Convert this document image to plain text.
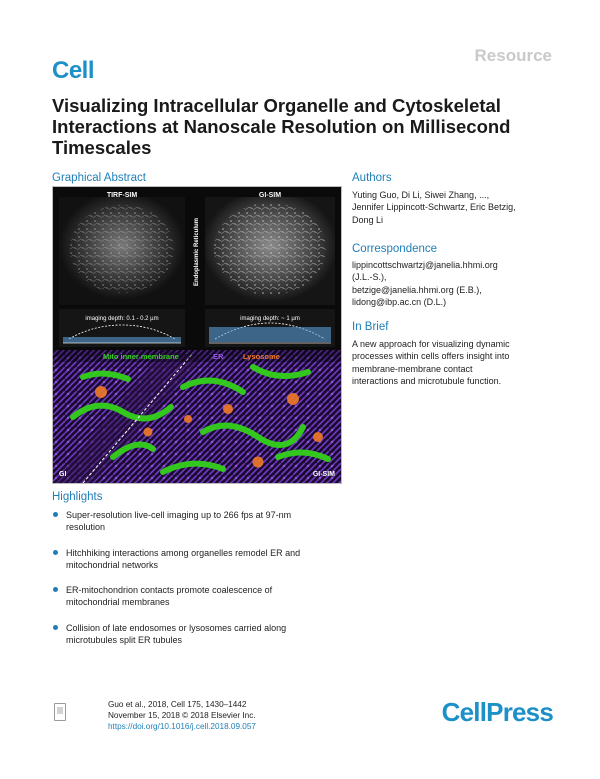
Resource
Cell
Visualizing Intracellular Organelle and Cytoskeletal Interactions at Nanoscale Resolution on Millisecond Timescales
Graphical Abstract
TIRF-SIM	GI-SIM
Endoplasmic Reticulum
imaging depth: 0.1 - 0.2 µm	imaging depth: ~ 1 µm
Mito inner membrane	ER	Lysosome
GI	GI-SIM
Authors
Yuting Guo, Di Li, Siwei Zhang, ...,
Jennifer Lippincott-Schwartz, Eric Betzig,
Dong Li
Correspondence
lippincottschwartzj@janelia.hhmi.org
(J.L.-S.),
betzige@janelia.hhmi.org (E.B.),
lidong@ibp.ac.cn (D.L.)
In Brief
A new approach for visualizing dynamic
processes within cells offers insight into
membrane-membrane contact
interactions and microtubule function.
Highlights
Super-resolution live-cell imaging up to 266 fps at 97-nm
resolution
Hitchhiking interactions among organelles remodel ER and
mitochondrial networks
ER-mitochondrion contacts promote coalescence of
mitochondrial membranes
Collision of late endosomes or lysosomes carried along
microtubules split ER tubules
Guo et al., 2018, Cell 175, 1430–1442
November 15, 2018 © 2018 Elsevier Inc.
https://doi.org/10.1016/j.cell.2018.09.057	CellPress
